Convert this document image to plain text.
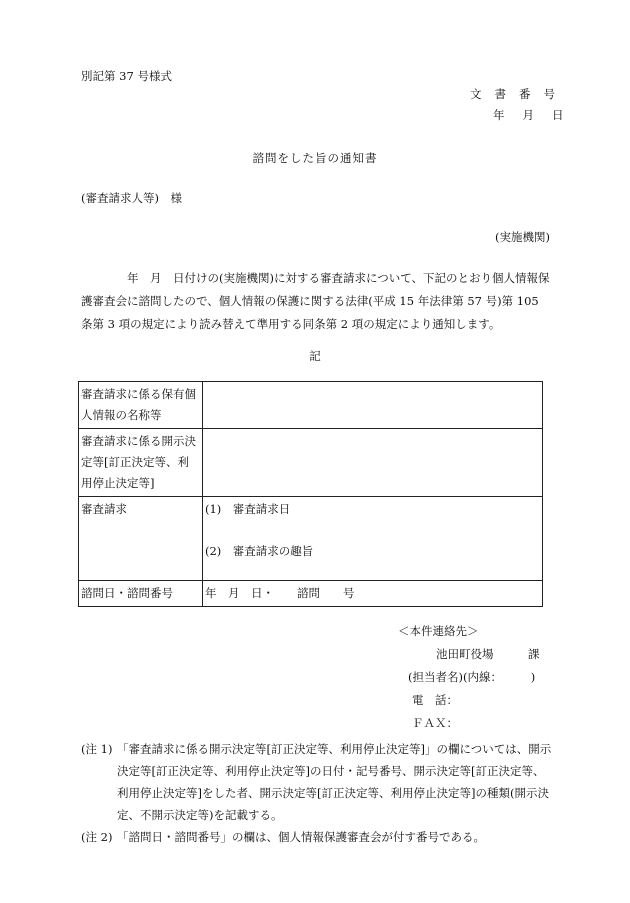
別記第 37 号様式
文書番号
年 月 日
諮問をした旨の通知書
(審査請求人等)　様
(実施機関)

年　月　日付けの(実施機関)に対する審査請求について、下記のとおり個人情報保護審査会に諮問したので、個人情報の保護に関する法律(平成 15 年法律第 57 号)第 105 条第 3 項の規定により読み替えて準用する同条第 2 項の規定により通知します。

記
審査請求に係る保有個人情報の名称等	
審査請求に係る開示決定等[訂正決定等、利用停止決定等]	
審査請求	(1)　審査請求日
(2)　審査請求の趣旨

諮問日・諮問番号	年　月　日・　　諮問　　号
＜本件連絡先＞
池田町役場　　　課
(担当者名)(内線：　　　)
電　話：
ＦＡＸ：
(注 1) 「審査請求に係る開示決定等[訂正決定等、利用停止決定等]」の欄については、開示決定等[訂正決定等、利用停止決定等]の日付・記号番号、開示決定等[訂正決定等、利用停止決定等]をした者、開示決定等[訂正決定等、利用停止決定等]の種類(開示決定、不開示決定等)を記載する。
(注 2) 「諮問日・諮問番号」の欄は、個人情報保護審査会が付す番号である。
